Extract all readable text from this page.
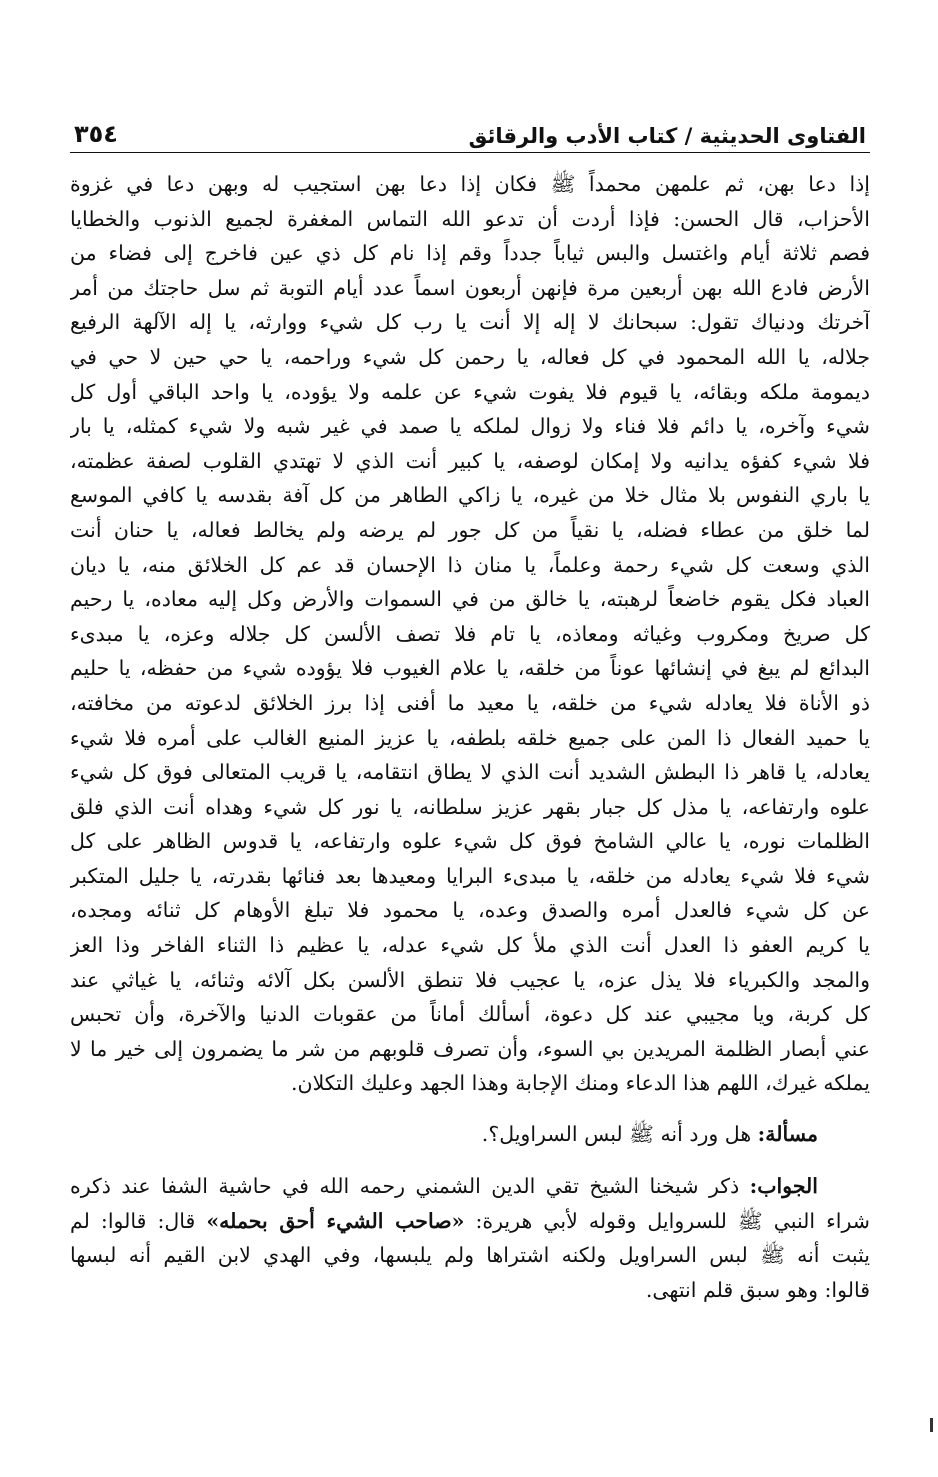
الفتاوى الحديثية / كتاب الأدب والرقائق
٣٥٤
إذا دعا بهن، ثم علمهن محمداً ﷺ فكان إذا دعا بهن استجيب له وبهن دعا في غزوة
الأحزاب، قال الحسن: فإذا أردت أن تدعو الله التماس المغفرة لجميع الذنوب والخطايا
فصم ثلاثة أيام واغتسل والبس ثياباً جدداً وقم إذا نام كل ذي عين فاخرج إلى فضاء من
الأرض فادع الله بهن أربعين مرة فإنهن أربعون اسماً عدد أيام التوبة ثم سل حاجتك من أمر
آخرتك ودنياك تقول: سبحانك لا إله إلا أنت يا رب كل شيء ووارثه، يا إله الآلهة الرفيع
جلاله، يا الله المحمود في كل فعاله، يا رحمن كل شيء وراحمه، يا حي حين لا حي في
ديمومة ملكه وبقائه، يا قيوم فلا يفوت شيء عن علمه ولا يؤوده، يا واحد الباقي أول كل
شيء وآخره، يا دائم فلا فناء ولا زوال لملكه يا صمد في غير شبه ولا شيء كمثله، يا بار
فلا شيء كفؤه يدانيه ولا إمكان لوصفه، يا كبير أنت الذي لا تهتدي القلوب لصفة عظمته،
يا باري النفوس بلا مثال خلا من غيره، يا زاكي الطاهر من كل آفة بقدسه يا كافي الموسع
لما خلق من عطاء فضله، يا نقياً من كل جور لم يرضه ولم يخالط فعاله، يا حنان أنت
الذي وسعت كل شيء رحمة وعلماً، يا منان ذا الإحسان قد عم كل الخلائق منه، يا ديان
العباد فكل يقوم خاضعاً لرهبته، يا خالق من في السموات والأرض وكل إليه معاده، يا رحيم
كل صريخ ومكروب وغياثه ومعاذه، يا تام فلا تصف الألسن كل جلاله وعزه، يا مبدىء
البدائع لم يبغ في إنشائها عوناً من خلقه، يا علام الغيوب فلا يؤوده شيء من حفظه، يا حليم
ذو الأناة فلا يعادله شيء من خلقه، يا معيد ما أفنى إذا برز الخلائق لدعوته من مخافته،
يا حميد الفعال ذا المن على جميع خلقه بلطفه، يا عزيز المنيع الغالب على أمره فلا شيء
يعادله، يا قاهر ذا البطش الشديد أنت الذي لا يطاق انتقامه، يا قريب المتعالى فوق كل شيء
علوه وارتفاعه، يا مذل كل جبار بقهر عزيز سلطانه، يا نور كل شيء وهداه أنت الذي فلق
الظلمات نوره، يا عالي الشامخ فوق كل شيء علوه وارتفاعه، يا قدوس الظاهر على كل
شيء فلا شيء يعادله من خلقه، يا مبدىء البرايا ومعيدها بعد فنائها بقدرته، يا جليل المتكبر
عن كل شيء فالعدل أمره والصدق وعده، يا محمود فلا تبلغ الأوهام كل ثنائه ومجده،
يا كريم العفو ذا العدل أنت الذي ملأ كل شيء عدله، يا عظيم ذا الثناء الفاخر وذا العز
والمجد والكبرياء فلا يذل عزه، يا عجيب فلا تنطق الألسن بكل آلائه وثنائه، يا غياثي عند
كل كربة، ويا مجيبي عند كل دعوة، أسألك أماناً من عقوبات الدنيا والآخرة، وأن تحبس
عني أبصار الظلمة المريدين بي السوء، وأن تصرف قلوبهم من شر ما يضمرون إلى خير ما لا
يملكه غيرك، اللهم هذا الدعاء ومنك الإجابة وهذا الجهد وعليك التكلان.
مسألة: هل ورد أنه ﷺ لبس السراويل؟.
الجواب: ذكر شيخنا الشيخ تقي الدين الشمني رحمه الله في حاشية الشفا عند ذكره
شراء النبي ﷺ للسروايل وقوله لأبي هريرة: «صاحب الشيء أحق بحمله» قال: قالوا: لم
يثبت أنه ﷺ لبس السراويل ولكنه اشتراها ولم يلبسها، وفي الهدي لابن القيم أنه لبسها
قالوا: وهو سبق قلم انتهى.
